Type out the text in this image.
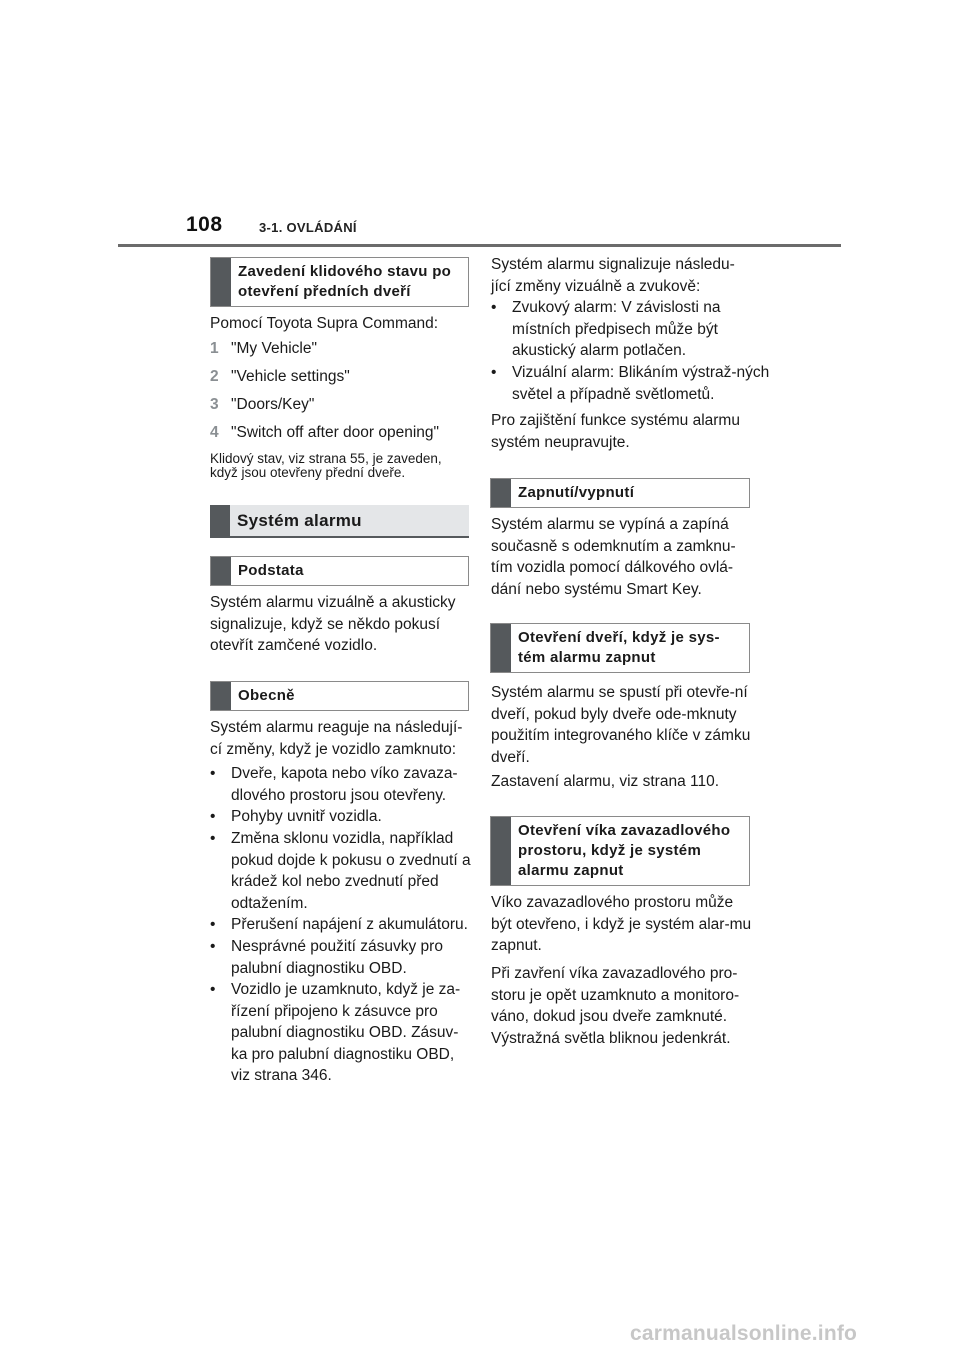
108	3-1. OVLÁDÁNÍ
Zavedení klidového stavu po otevření předních dveří
Pomocí Toyota Supra Command:
1 "My Vehicle"
2 "Vehicle settings"
3 "Doors/Key"
4 "Switch off after door opening"
Klidový stav, viz strana 55, je zaveden, když jsou otevřeny přední dveře.
Systém alarmu
Podstata
Systém alarmu vizuálně a akusticky signalizuje, když se někdo pokusí otevřít zamčené vozidlo.
Obecně
Systém alarmu reaguje na následují-cí změny, když je vozidlo zamknuto:
• Dveře, kapota nebo víko zavaza-dlového prostoru jsou otevřeny.
• Pohyby uvnitř vozidla.
• Změna sklonu vozidla, například pokud dojde k pokusu o zvednutí a krádež kol nebo zvednutí před odtažením.
• Přerušení napájení z akumulátoru.
• Nesprávné použití zásuvky pro palubní diagnostiku OBD.
• Vozidlo je uzamknuto, když je za-řízení připojeno k zásuvce pro palubní diagnostiku OBD. Zásuv-ka pro palubní diagnostiku OBD, viz strana 346.
Systém alarmu signalizuje následu-jící změny vizuálně a zvukově:
• Zvukový alarm: V závislosti na místních předpisech může být akustický alarm potlačen.
• Vizuální alarm: Blikáním výstraž-ných světel a případně světlometů.
Pro zajištění funkce systému alarmu systém neupravujte.
Zapnutí/vypnutí
Systém alarmu se vypíná a zapíná současně s odemknutím a zamknu-tím vozidla pomocí dálkového ovlá-dání nebo systému Smart Key.
Otevření dveří, když je sys-tém alarmu zapnut
Systém alarmu se spustí při otevře-ní dveří, pokud byly dveře ode-mknuty použitím integrovaného klíče v zámku dveří.
Zastavení alarmu, viz strana 110.
Otevření víka zavazadlového prostoru, když je systém alarmu zapnut
Víko zavazadlového prostoru může být otevřeno, i když je systém alar-mu zapnut.
Při zavření víka zavazadlového pro-storu je opět uzamknuto a monitoro-váno, dokud jsou dveře zamknuté. Výstražná světla bliknou jedenkrát.
carmanualsonline.info
